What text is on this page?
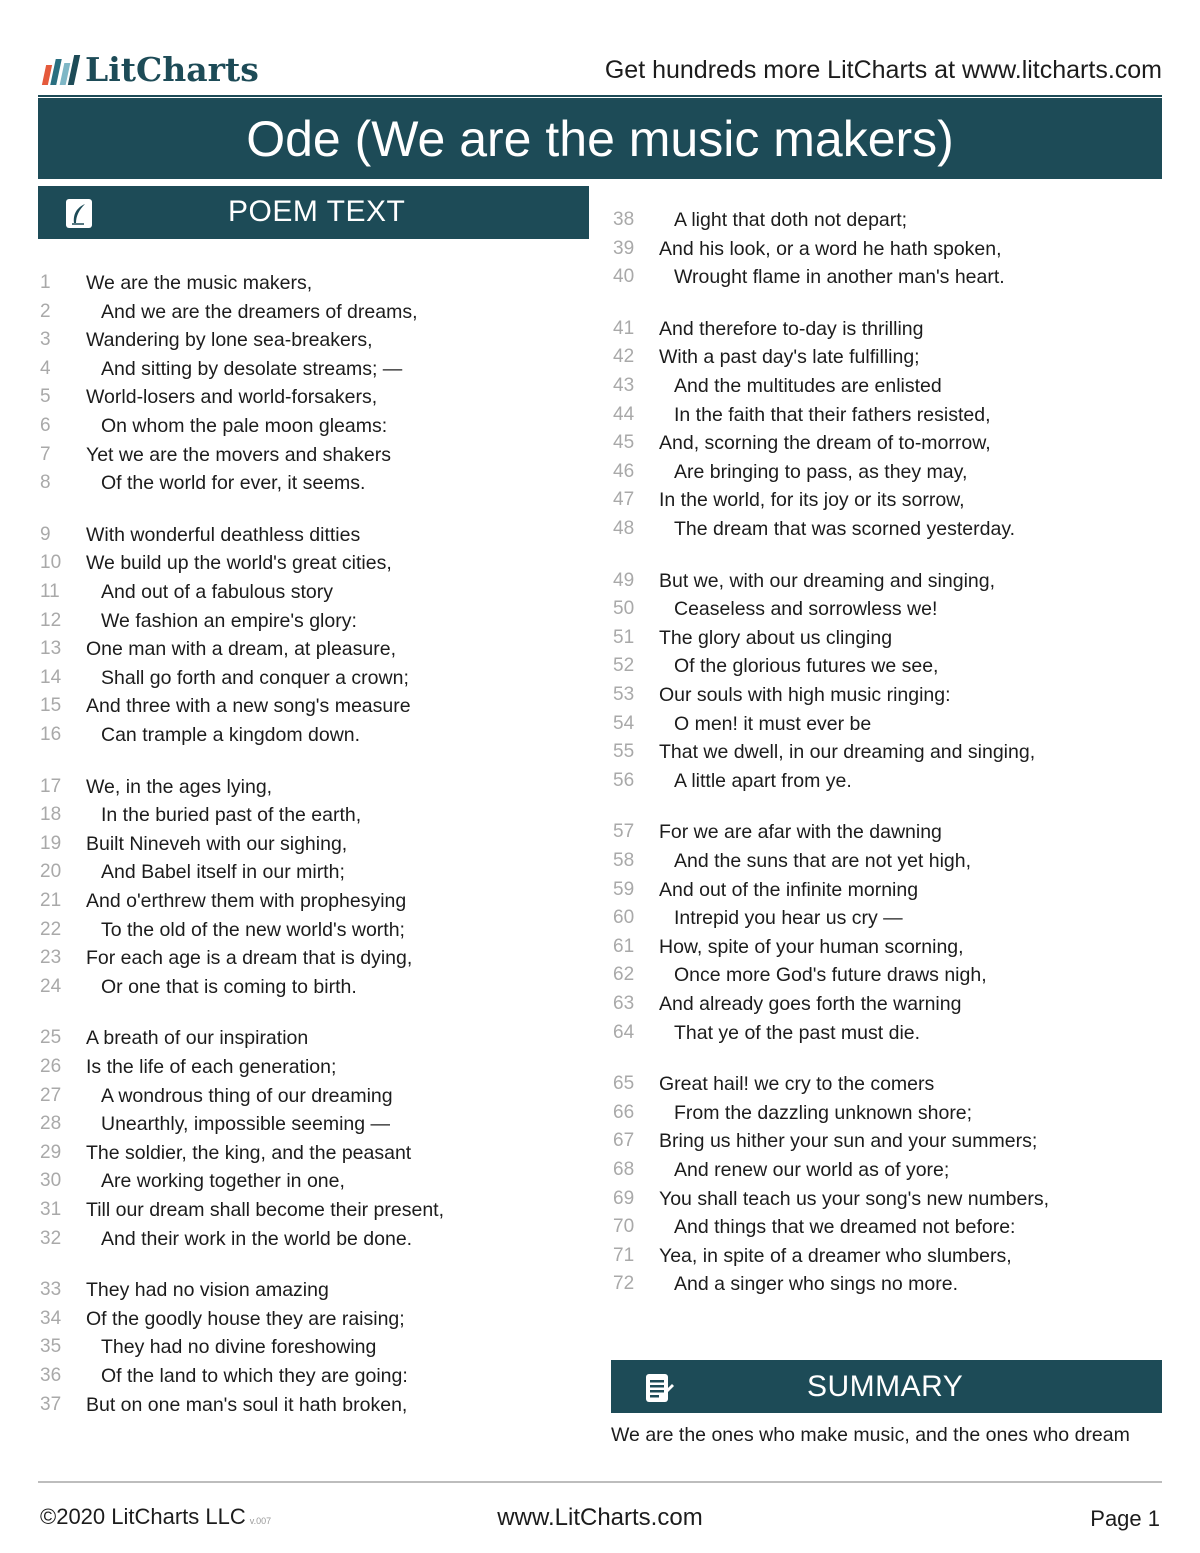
LitCharts	Get hundreds more LitCharts at www.litcharts.com
Ode (We are the music makers)
POEM TEXT
1	We are the music makers,
2	And we are the dreamers of dreams,
3	Wandering by lone sea-breakers,
4	And sitting by desolate streams; —
5	World-losers and world-forsakers,
6	On whom the pale moon gleams:
7	Yet we are the movers and shakers
8	Of the world for ever, it seems.
9	With wonderful deathless ditties
10	We build up the world's great cities,
11	And out of a fabulous story
12	We fashion an empire's glory:
13	One man with a dream, at pleasure,
14	Shall go forth and conquer a crown;
15	And three with a new song's measure
16	Can trample a kingdom down.
17	We, in the ages lying,
18	In the buried past of the earth,
19	Built Nineveh with our sighing,
20	And Babel itself in our mirth;
21	And o'erthrew them with prophesying
22	To the old of the new world's worth;
23	For each age is a dream that is dying,
24	Or one that is coming to birth.
25	A breath of our inspiration
26	Is the life of each generation;
27	A wondrous thing of our dreaming
28	Unearthly, impossible seeming —
29	The soldier, the king, and the peasant
30	Are working together in one,
31	Till our dream shall become their present,
32	And their work in the world be done.
33	They had no vision amazing
34	Of the goodly house they are raising;
35	They had no divine foreshowing
36	Of the land to which they are going:
37	But on one man's soul it hath broken,
38	A light that doth not depart;
39	And his look, or a word he hath spoken,
40	Wrought flame in another man's heart.
41	And therefore to-day is thrilling
42	With a past day's late fulfilling;
43	And the multitudes are enlisted
44	In the faith that their fathers resisted,
45	And, scorning the dream of to-morrow,
46	Are bringing to pass, as they may,
47	In the world, for its joy or its sorrow,
48	The dream that was scorned yesterday.
49	But we, with our dreaming and singing,
50	Ceaseless and sorrowless we!
51	The glory about us clinging
52	Of the glorious futures we see,
53	Our souls with high music ringing:
54	O men! it must ever be
55	That we dwell, in our dreaming and singing,
56	A little apart from ye.
57	For we are afar with the dawning
58	And the suns that are not yet high,
59	And out of the infinite morning
60	Intrepid you hear us cry —
61	How, spite of your human scorning,
62	Once more God's future draws nigh,
63	And already goes forth the warning
64	That ye of the past must die.
65	Great hail! we cry to the comers
66	From the dazzling unknown shore;
67	Bring us hither your sun and your summers;
68	And renew our world as of yore;
69	You shall teach us your song's new numbers,
70	And things that we dreamed not before:
71	Yea, in spite of a dreamer who slumbers,
72	And a singer who sings no more.
SUMMARY
We are the ones who make music, and the ones who dream
©2020 LitCharts LLC v.007	www.LitCharts.com	Page 1
